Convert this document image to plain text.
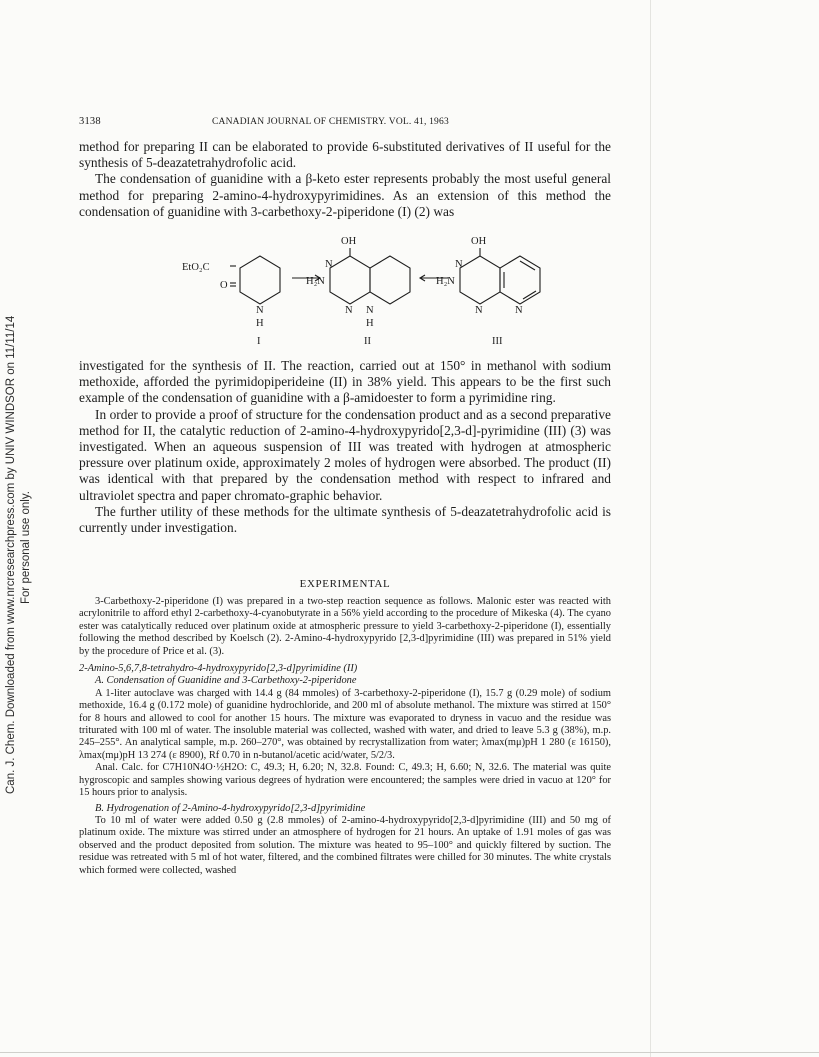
Can. J. Chem. Downloaded from www.nrcresearchpress.com by UNIV WINDSOR on 11/11/14 For personal use only.
3138	CANADIAN JOURNAL OF CHEMISTRY. VOL. 41, 1963

method for preparing II can be elaborated to provide 6-substituted derivatives of II useful for the synthesis of 5-deazatetrahydrofolic acid.

The condensation of guanidine with a β-keto ester represents probably the most useful general method for preparing 2-amino-4-hydroxypyrimidines. As an extension of this method the condensation of guanidine with 3-carbethoxy-2-piperidone (I) (2) was

EtO₂C
O
N
H
OH
H₂N
N
N N
H
OH
H₂N
N
N	N
I	II	III

investigated for the synthesis of II. The reaction, carried out at 150° in methanol with sodium methoxide, afforded the pyrimidopiperideine (II) in 38% yield. This appears to be the first such example of the condensation of guanidine with a β-amidoester to form a pyrimidine ring.

In order to provide a proof of structure for the condensation product and as a second preparative method for II, the catalytic reduction of 2-amino-4-hydroxypyrido[2,3-d]-pyrimidine (III) (3) was investigated. When an aqueous suspension of III was treated with hydrogen at atmospheric pressure over platinum oxide, approximately 2 moles of hydrogen were absorbed. The product (II) was identical with that prepared by the condensation method with respect to infrared and ultraviolet spectra and paper chromato-graphic behavior.

The further utility of these methods for the ultimate synthesis of 5-deazatetrahydrofolic acid is currently under investigation.

EXPERIMENTAL

3-Carbethoxy-2-piperidone (I) was prepared in a two-step reaction sequence as follows. Malonic ester was reacted with acrylonitrile to afford ethyl 2-carbethoxy-4-cyanobutyrate in a 56% yield according to the procedure of Mikeska (4). The cyano ester was catalytically reduced over platinum oxide at atmospheric pressure to yield 3-carbethoxy-2-piperidone (I), essentially following the method described by Koelsch (2). 2-Amino-4-hydroxypyrido [2,3-d]pyrimidine (III) was prepared in 51% yield by the procedure of Price et al. (3).

2-Amino-5,6,7,8-tetrahydro-4-hydroxypyrido[2,3-d]pyrimidine (II)

A. Condensation of Guanidine and 3-Carbethoxy-2-piperidone

A 1-liter autoclave was charged with 14.4 g (84 mmoles) of 3-carbethoxy-2-piperidone (I), 15.7 g (0.29 mole) of sodium methoxide, 16.4 g (0.172 mole) of guanidine hydrochloride, and 200 ml of absolute methanol. The mixture was stirred at 150° for 8 hours and allowed to cool for another 15 hours. The mixture was evaporated to dryness in vacuo and the residue was triturated with 100 ml of water. The insoluble material was collected, washed with water, and dried to leave 5.3 g (38%), m.p. 245–255°. An analytical sample, m.p. 260–270°, was obtained by recrystallization from water; λmax(mμ)pH 1 280 (ε 16150), λmax(mμ)pH 13 274 (ε 8900), Rf 0.70 in n-butanol/acetic acid/water, 5/2/3.

Anal. Calc. for C7H10N4O·½H2O: C, 49.3; H, 6.20; N, 32.8. Found: C, 49.3; H, 6.60; N, 32.6. The material was quite hygroscopic and samples showing various degrees of hydration were encountered; the samples were dried in vacuo at 120° for 15 hours prior to analysis.

B. Hydrogenation of 2-Amino-4-hydroxypyrido[2,3-d]pyrimidine

To 10 ml of water were added 0.50 g (2.8 mmoles) of 2-amino-4-hydroxypyrido[2,3-d]pyrimidine (III) and 50 mg of platinum oxide. The mixture was stirred under an atmosphere of hydrogen for 21 hours. An uptake of 1.91 moles of gas was observed and the product deposited from solution. The mixture was heated to 95–100° and quickly filtered by suction. The residue was retreated with 5 ml of hot water, filtered, and the combined filtrates were chilled for 30 minutes. The white crystals which formed were collected, washed
